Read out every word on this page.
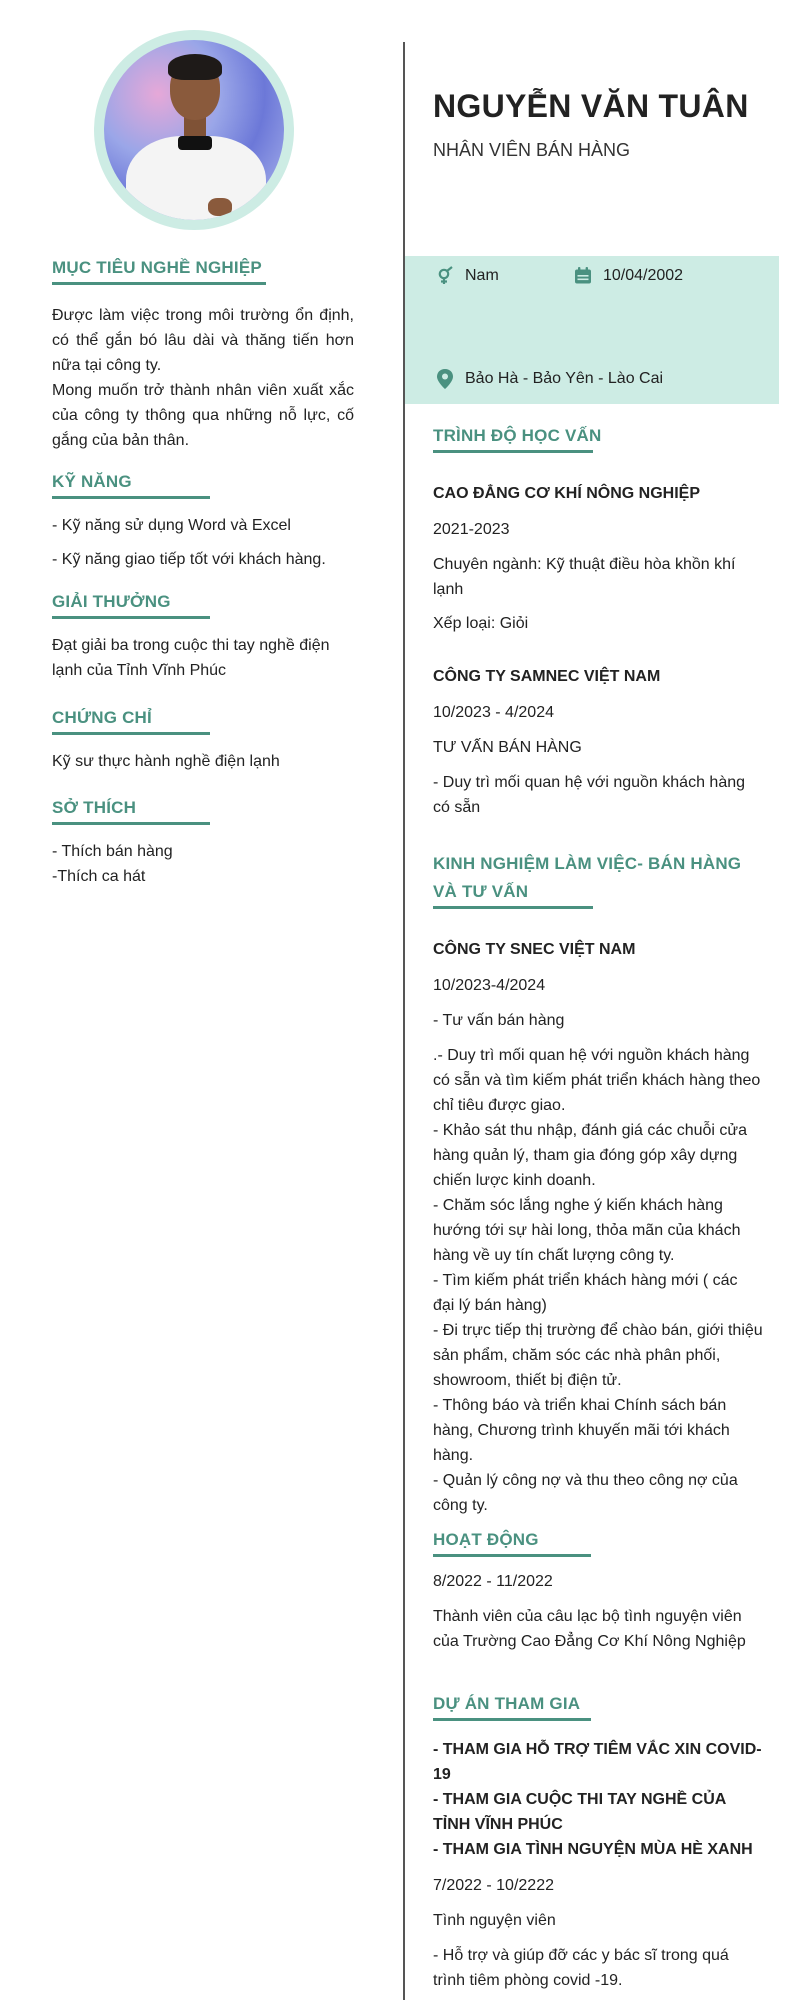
MỤC TIÊU NGHỀ NGHIỆP

Được làm việc trong môi trường ổn định, có thể gắn bó lâu dài và thăng tiến hơn nữa tại công ty.

Mong muốn trở thành nhân viên xuất xắc của công ty thông qua những nỗ lực, cố gắng của bản thân.

KỸ NĂNG

- Kỹ năng sử dụng Word và Excel

- Kỹ năng giao tiếp tốt với khách hàng.

GIẢI THƯỞNG

Đạt giải ba trong cuộc thi tay nghề điện lạnh của Tỉnh Vĩnh Phúc

CHỨNG CHỈ

Kỹ sư thực hành nghề điện lạnh

SỞ THÍCH

- Thích bán hàng

-Thích ca hát

NGUYỄN VĂN TUÂN
NHÂN VIÊN BÁN HÀNG
Nam	10/04/2002
Bảo Hà - Bảo Yên - Lào Cai
TRÌNH ĐỘ HỌC VẤN

CAO ĐẲNG CƠ KHÍ NÔNG NGHIỆP

2021-2023

Chuyên ngành: Kỹ thuật điều hòa khồn khí lạnh

Xếp loại: Giỏi

CÔNG TY SAMNEC VIỆT NAM

10/2023 - 4/2024

TƯ VẤN BÁN HÀNG

- Duy trì mối quan hệ với nguồn khách hàng có sẵn

KINH NGHIỆM LÀM VIỆC- BÁN HÀNG
VÀ TƯ VẤN

CÔNG TY SNEC VIỆT NAM

10/2023-4/2024

- Tư vấn bán hàng

.- Duy trì mối quan hệ với nguồn khách hàng có sẵn và tìm kiếm phát triển khách hàng theo chỉ tiêu được giao.

- Khảo sát thu nhập, đánh giá các chuỗi cửa hàng quản lý, tham gia đóng góp xây dựng chiến lược kinh doanh.

- Chăm sóc lắng nghe ý kiến khách hàng hướng tới sự hài long, thỏa mãn của khách hàng về uy tín chất lượng công ty.

- Tìm kiếm phát triển khách hàng mới ( các đại lý bán hàng)

- Đi trực tiếp thị trường để chào bán, giới thiệu sản phẩm, chăm sóc các nhà phân phối, showroom, thiết bị điện tử.

- Thông báo và triển khai Chính sách bán hàng, Chương trình khuyến mãi tới khách hàng.

- Quản lý công nợ và thu theo công nợ của công ty.

HOẠT ĐỘNG

8/2022 - 11/2022

Thành viên của câu lạc bộ tình nguyện viên của Trường Cao Đẳng Cơ Khí Nông Nghiệp

DỰ ÁN THAM GIA

- THAM GIA HỖ TRỢ TIÊM VẮC XIN COVID-19

- THAM GIA CUỘC THI TAY NGHỀ CỦA TỈNH VĨNH PHÚC

- THAM GIA TÌNH NGUYỆN MÙA HÈ XANH

7/2022 - 10/2222

Tình nguyện viên

- Hỗ trợ và giúp đỡ các y bác sĩ trong quá trình tiêm phòng covid -19.
